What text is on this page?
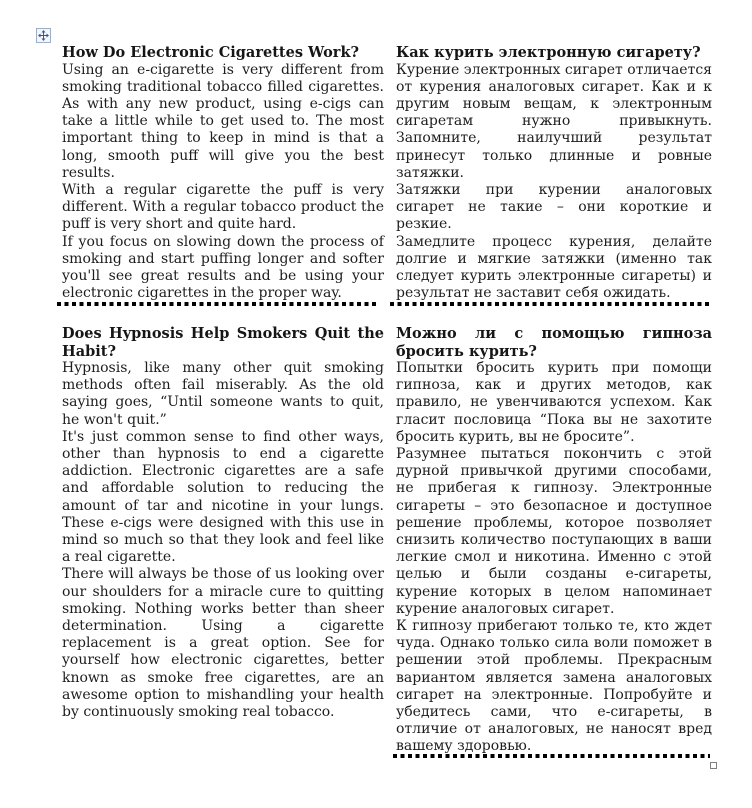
How Do Electronic Cigarettes Work?

Using an e-cigarette is very different from smoking traditional tobacco filled cigarettes. As with any new product, using e-cigs can take a little while to get used to. The most important thing to keep in mind is that a long, smooth puff will give you the best results.

With a regular cigarette the puff is very different. With a regular tobacco product the puff is very short and quite hard.

If you focus on slowing down the process of smoking and start puffing longer and softer you'll see great results and be using your electronic cigarettes in the proper way.

Как курить электронную сигарету?

Курение электронных сигарет отличается от курения аналоговых сигарет. Как и к другим новым вещам, к электронным сигаретам нужно привыкнуть. Запомните, наилучший результат принесут только длинные и ровные затяжки.

Затяжки при курении аналоговых сигарет не такие – они короткие и резкие.

Замедлите процесс курения, делайте долгие и мягкие затяжки (именно так следует курить электронные сигареты) и результат не заставит себя ожидать.

Does Hypnosis Help Smokers Quit the Habit?

Hypnosis, like many other quit smoking methods often fail miserably. As the old saying goes, “Until someone wants to quit, he won't quit.”

It's just common sense to find other ways, other than hypnosis to end a cigarette addiction. Electronic cigarettes are a safe and affordable solution to reducing the amount of tar and nicotine in your lungs. These e-cigs were designed with this use in mind so much so that they look and feel like a real cigarette.

There will always be those of us looking over our shoulders for a miracle cure to quitting smoking. Nothing works better than sheer determination. Using a cigarette replacement is a great option. See for yourself how electronic cigarettes, better known as smoke free cigarettes, are an awesome option to mishandling your health by continuously smoking real tobacco.

Можно ли с помощью гипноза бросить курить?

Попытки бросить курить при помощи гипноза, как и других методов, как правило, не увенчиваются успехом. Как гласит пословица “Пока вы не захотите бросить курить, вы не бросите”.

Разумнее пытаться покончить с этой дурной привычкой другими способами, не прибегая к гипнозу. Электронные сигареты – это безопасное и доступное решение проблемы, которое позволяет снизить количество поступающих в ваши легкие смол и никотина. Именно с этой целью и были созданы е-сигареты, курение которых в целом напоминает курение аналоговых сигарет.

К гипнозу прибегают только те, кто ждет чуда. Однако только сила воли поможет в решении этой проблемы. Прекрасным вариантом является замена аналоговых сигарет на электронные. Попробуйте и убедитесь сами, что е-сигареты, в отличие от аналоговых, не наносят вред вашему здоровью.
